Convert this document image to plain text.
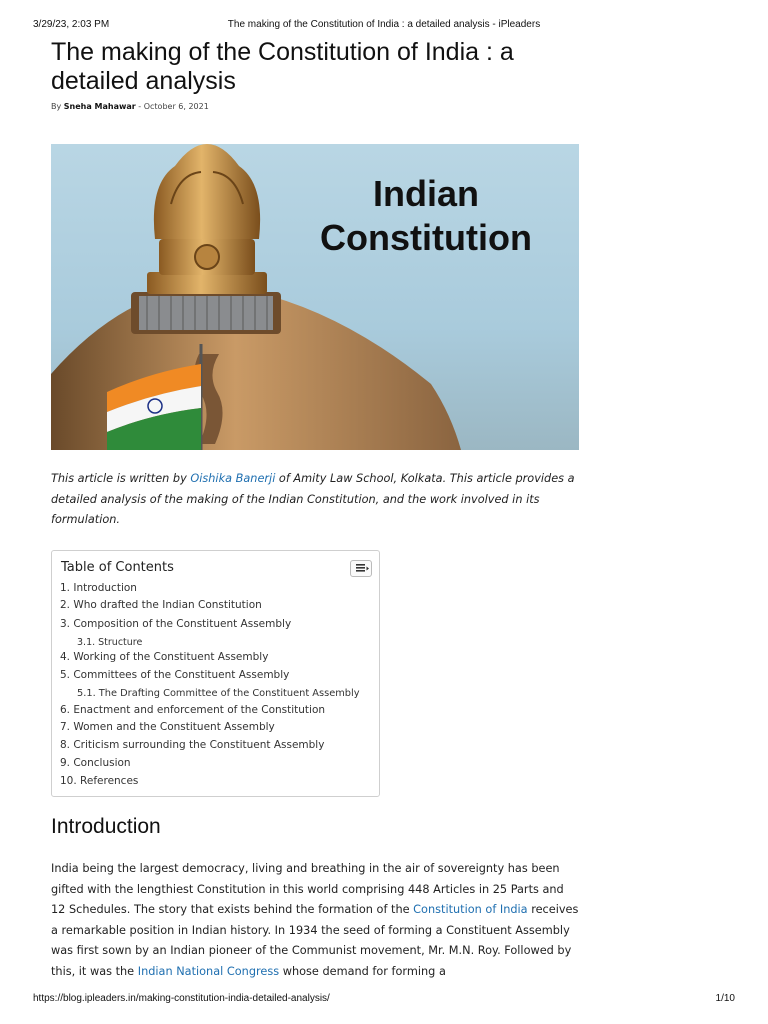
3/29/23, 2:03 PM	The making of the Constitution of India : a detailed analysis - iPleaders
The making of the Constitution of India : a detailed analysis
By Sneha Mahawar - October 6, 2021
Indian
Constitution

This article is written by Oishika Banerji of Amity Law School, Kolkata. This article provides a detailed analysis of the making of the Indian Constitution, and the work involved in its formulation.

Table of Contents
1. Introduction
2. Who drafted the Indian Constitution
3. Composition of the Constituent Assembly
3.1. Structure
4. Working of the Constituent Assembly
5. Committees of the Constituent Assembly
5.1. The Drafting Committee of the Constituent Assembly
6. Enactment and enforcement of the Constitution
7. Women and the Constituent Assembly
8. Criticism surrounding the Constituent Assembly
9. Conclusion
10. References
Introduction

India being the largest democracy, living and breathing in the air of sovereignty has been gifted with the lengthiest Constitution in this world comprising 448 Articles in 25 Parts and 12 Schedules. The story that exists behind the formation of the Constitution of India receives a remarkable position in Indian history. In 1934 the seed of forming a Constituent Assembly was first sown by an Indian pioneer of the Communist movement, Mr. M.N. Roy. Followed by this, it was the Indian National Congress whose demand for forming a

https://blog.ipleaders.in/making-constitution-india-detailed-analysis/	1/10
